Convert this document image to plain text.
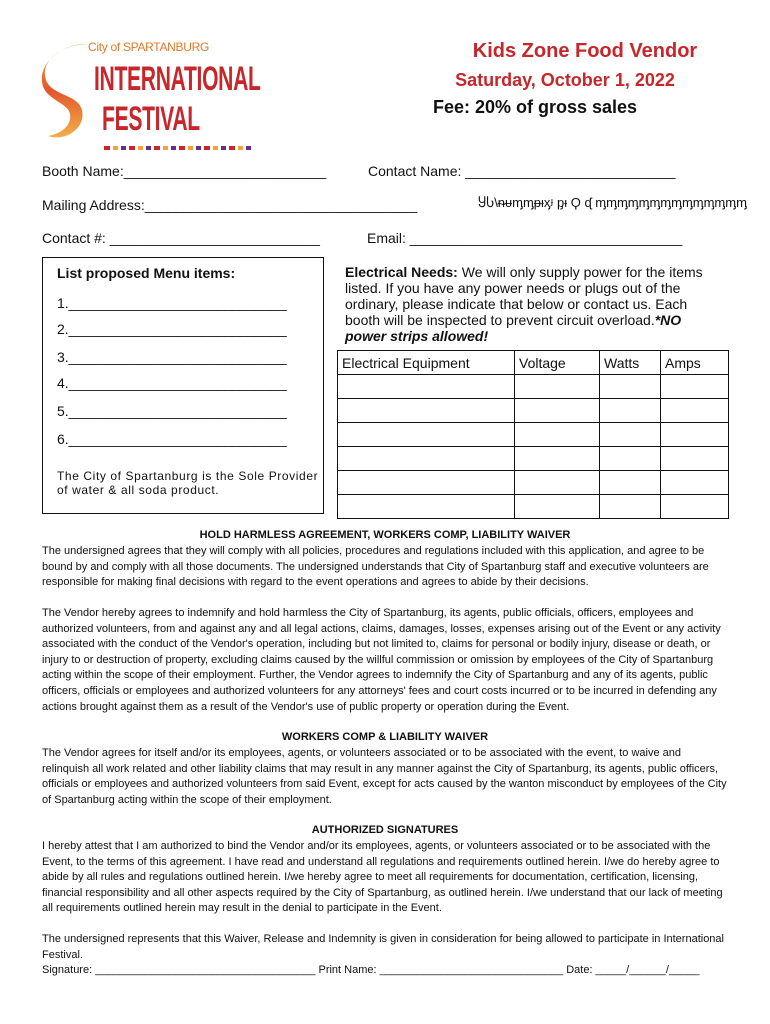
City of SPARTANBURG
INTERNATIONAL
FESTIVAL
Kids Zone Food Vendor
Saturday, October 1, 2022
Fee: 20% of gross sales
Booth Name:__________________________	Contact Name: ___________________________
Mailing Address:___________________________________	ႸႱ\ᵰᵾᶆᶆᵽᵻᶍᶡ ᶈᵻ Ϙ ᶑ ᶆᶆᶆᶆᶆᶆᶆᶆᶆᶆᶆᶆᶆᶆ
Contact #: ___________________________	Email: ___________________________________
List proposed Menu items:
1.____________________________
2.____________________________
3.____________________________
4.____________________________
5.____________________________
6.____________________________
The City of Spartanburg is the Sole Provider of water & all soda product.
Electrical Needs: We will only supply power for the items listed. If you have any power needs or plugs out of the ordinary, please indicate that below or contact us. Each booth will be inspected to prevent circuit overload.*NO power strips allowed!
Electrical Equipment	Voltage	Watts	Amps

HOLD HARMLESS AGREEMENT, WORKERS COMP, LIABILITY WAIVER
The undersigned agrees that they will comply with all policies, procedures and regulations included with this application, and agree to be bound by and comply with all those documents. The undersigned understands that City of Spartanburg staff and executive volunteers are responsible for making final decisions with regard to the event operations and agrees to abide by their decisions.
The Vendor hereby agrees to indemnify and hold harmless the City of Spartanburg, its agents, public officials, officers, employees and authorized volunteers, from and against any and all legal actions, claims, damages, losses, expenses arising out of the Event or any activity associated with the conduct of the Vendor's operation, including but not limited to, claims for personal or bodily injury, disease or death, or injury to or destruction of property, excluding claims caused by the willful commission or omission by employees of the City of Spartanburg acting within the scope of their employment. Further, the Vendor agrees to indemnify the City of Spartanburg and any of its agents, public officers, officials or employees and authorized volunteers for any attorneys' fees and court costs incurred or to be incurred in defending any actions brought against them as a result of the Vendor's use of public property or operation during the Event.
WORKERS COMP & LIABILITY WAIVER
The Vendor agrees for itself and/or its employees, agents, or volunteers associated or to be associated with the event, to waive and relinquish all work related and other liability claims that may result in any manner against the City of Spartanburg, its agents, public officers, officials or employees and authorized volunteers from said Event, except for acts caused by the wanton misconduct by employees of the City of Spartanburg acting within the scope of their employment.
AUTHORIZED SIGNATURES
I hereby attest that I am authorized to bind the Vendor and/or its employees, agents, or volunteers associated or to be associated with the Event, to the terms of this agreement. I have read and understand all regulations and requirements outlined herein. I/we do hereby agree to abide by all rules and regulations outlined herein. I/we hereby agree to meet all requirements for documentation, certification, licensing, financial responsibility and all other aspects required by the City of Spartanburg, as outlined herein. I/we understand that our lack of meeting all requirements outlined herein may result in the denial to participate in the Event.
The undersigned represents that this Waiver, Release and Indemnity is given in consideration for being allowed to participate in International Festival.
Signature: ____________________________________ Print Name: ______________________________ Date: _____/______/_____
